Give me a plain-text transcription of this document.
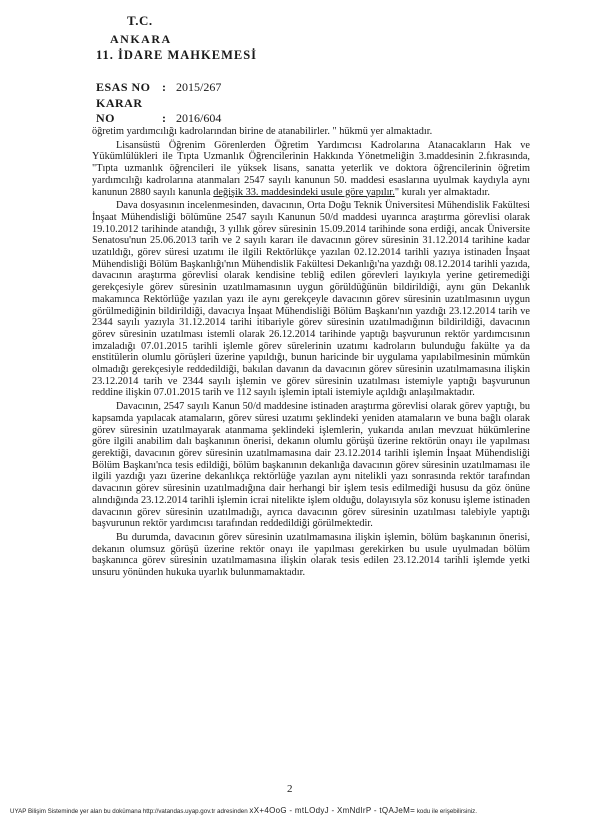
T.C.
ANKARA
11. İDARE MAHKEMESİ
ESAS NO : 2015/267
KARAR NO	: 2016/604

öğretim yardımcılığı kadrolarından birine de atanabilirler. " hükmü yer almaktadır.

Lisansüstü Öğrenim Görenlerden Öğretim Yardımcısı Kadrolarına Atanacakların Hak ve Yükümlülükleri ile Tıpta Uzmanlık Öğrencilerinin Hakkında Yönetmeliğin 3.maddesinin 2.fıkrasında, "Tıpta uzmanlık öğrencileri ile yüksek lisans, sanatta yeterlik ve doktora öğrencilerinin öğretim yardımcılığı kadrolarına atanmaları 2547 sayılı kanunun 50. maddesi esaslarına uyulmak kaydıyla aynı kanunun 2880 sayılı kanunla değişik 33. maddesindeki usule göre yapılır." kuralı yer almaktadır.

Dava dosyasının incelenmesinden, davacının, Orta Doğu Teknik Üniversitesi Mühendislik Fakültesi İnşaat Mühendisliği bölümüne 2547 sayılı Kanunun 50/d maddesi uyarınca araştırma görevlisi olarak 19.10.2012 tarihinde atandığı, 3 yıllık görev süresinin 15.09.2014 tarihinde sona erdiği, ancak Üniversite Senatosu'nun 25.06.2013 tarih ve 2 sayılı kararı ile davacının görev süresinin 31.12.2014 tarihine kadar uzatıldığı, görev süresi uzatımı ile ilgili Rektörlükçe yazılan 02.12.2014 tarihli yazıya istinaden İnşaat Mühendisliği Bölüm Başkanlığı'nın Mühendislik Fakültesi Dekanlığı'na yazdığı 08.12.2014 tarihli yazıda, davacının araştırma görevlisi olarak kendisine tebliğ edilen görevleri layıkıyla yerine getiremediği gerekçesiyle görev süresinin uzatılmamasının uygun görüldüğünün bildirildiği, aynı gün Dekanlık makamınca Rektörlüğe yazılan yazı ile aynı gerekçeyle davacının görev süresinin uzatılmasının uygun görülmediğinin bildirildiği, davacıya İnşaat Mühendisliği Bölüm Başkanı'nın yazdığı 23.12.2014 tarih ve 2344 sayılı yazıyla 31.12.2014 tarihi itibariyle görev süresinin uzatılmadığının bildirildiği, davacının görev süresinin uzatılması istemli olarak 26.12.2014 tarihinde yaptığı başvurunun rektör yardımcısının imzaladığı 07.01.2015 tarihli işlemle görev sürelerinin uzatımı kadroların bulunduğu fakülte ya da enstitülerin olumlu görüşleri üzerine yapıldığı, bunun haricinde bir uygulama yapılabilmesinin mümkün olmadığı gerekçesiyle reddedildiği, bakılan davanın da davacının görev süresinin uzatılmamasına ilişkin 23.12.2014 tarih ve 2344 sayılı işlemin ve görev süresinin uzatılması istemiyle yaptığı başvurunun reddine ilişkin 07.01.2015 tarih ve 112 sayılı işlemin iptali istemiyle açıldığı anlaşılmaktadır.

Davacının, 2547 sayılı Kanun 50/d maddesine istinaden araştırma görevlisi olarak görev yaptığı, bu kapsamda yapılacak atamaların, görev süresi uzatımı şeklindeki yeniden atamaların ve buna bağlı olarak görev süresinin uzatılmayarak atanmama şeklindeki işlemlerin, yukarıda anılan mevzuat hükümlerine göre ilgili anabilim dalı başkanının önerisi, dekanın olumlu görüşü üzerine rektörün onayı ile yapılması gerektiği, davacının görev süresinin uzatılmamasına dair 23.12.2014 tarihli işlemin İnşaat Mühendisliği Bölüm Başkanı'nca tesis edildiği, bölüm başkanının dekanlığa davacının görev süresinin uzatılmaması ile ilgili yazdığı yazı üzerine dekanlıkça rektörlüğe yazılan aynı nitelikli yazı sonrasında rektör tarafından davacının görev süresinin uzatılmadığına dair herhangi bir işlem tesis edilmediği hususu da göz önüne alındığında 23.12.2014 tarihli işlemin icrai nitelikte işlem olduğu, dolayısıyla söz konusu işleme istinaden davacının görev süresinin uzatılmadığı, ayrıca davacının görev süresinin uzatılması talebiyle yaptığı başvurunun rektör yardımcısı tarafından reddedildiği görülmektedir.

Bu durumda, davacının görev süresinin uzatılmamasına ilişkin işlemin, bölüm başkanının önerisi, dekanın olumsuz görüşü üzerine rektör onayı ile yapılması gerekirken bu usule uyulmadan bölüm başkanınca görev süresinin uzatılmamasına ilişkin olarak tesis edilen 23.12.2014 tarihli işlemde yetki unsuru yönünden hukuka uyarlık bulunmamaktadır.

2
UYAP Bilişim Sisteminde yer alan bu dokümana http://vatandas.uyap.gov.tr adresinden xX+4OoG - mtLOdyJ - XmNdIrP - tQAJeM= kodu ile erişebilirsiniz.
